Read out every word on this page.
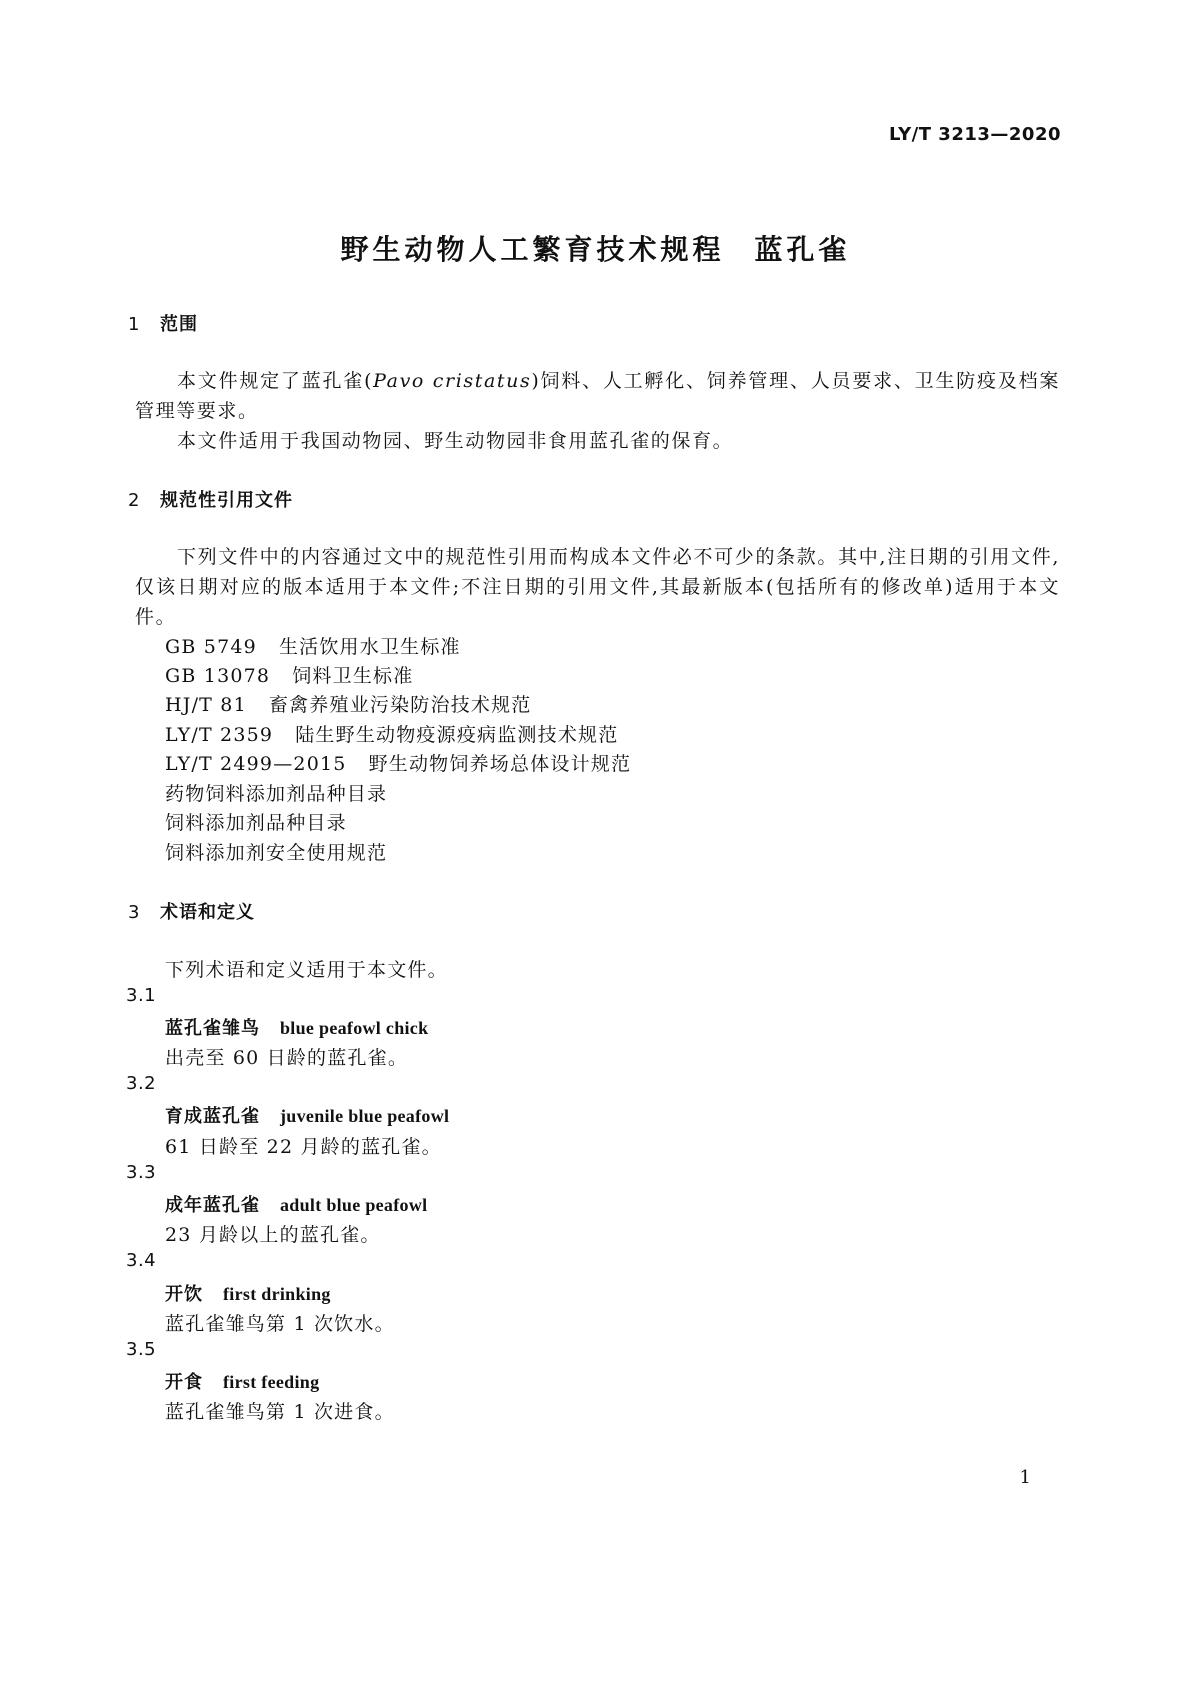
LY/T 3213—2020
野生动物人工繁育技术规程 蓝孔雀
1 范围
本文件规定了蓝孔雀(Pavo cristatus)饲料、人工孵化、饲养管理、人员要求、卫生防疫及档案管理等要求。
本文件适用于我国动物园、野生动物园非食用蓝孔雀的保育。
2 规范性引用文件
下列文件中的内容通过文中的规范性引用而构成本文件必不可少的条款。其中,注日期的引用文件,仅该日期对应的版本适用于本文件;不注日期的引用文件,其最新版本(包括所有的修改单)适用于本文件。
GB 5749 生活饮用水卫生标准
GB 13078 饲料卫生标准
HJ/T 81 畜禽养殖业污染防治技术规范
LY/T 2359 陆生野生动物疫源疫病监测技术规范
LY/T 2499—2015 野生动物饲养场总体设计规范
药物饲料添加剂品种目录
饲料添加剂品种目录
饲料添加剂安全使用规范
3 术语和定义
下列术语和定义适用于本文件。
3.1
蓝孔雀雏鸟 blue peafowl chick
出壳至 60 日龄的蓝孔雀。
3.2
育成蓝孔雀 juvenile blue peafowl
61 日龄至 22 月龄的蓝孔雀。
3.3
成年蓝孔雀 adult blue peafowl
23 月龄以上的蓝孔雀。
3.4
开饮 first drinking
蓝孔雀雏鸟第 1 次饮水。
3.5
开食 first feeding
蓝孔雀雏鸟第 1 次进食。
1
